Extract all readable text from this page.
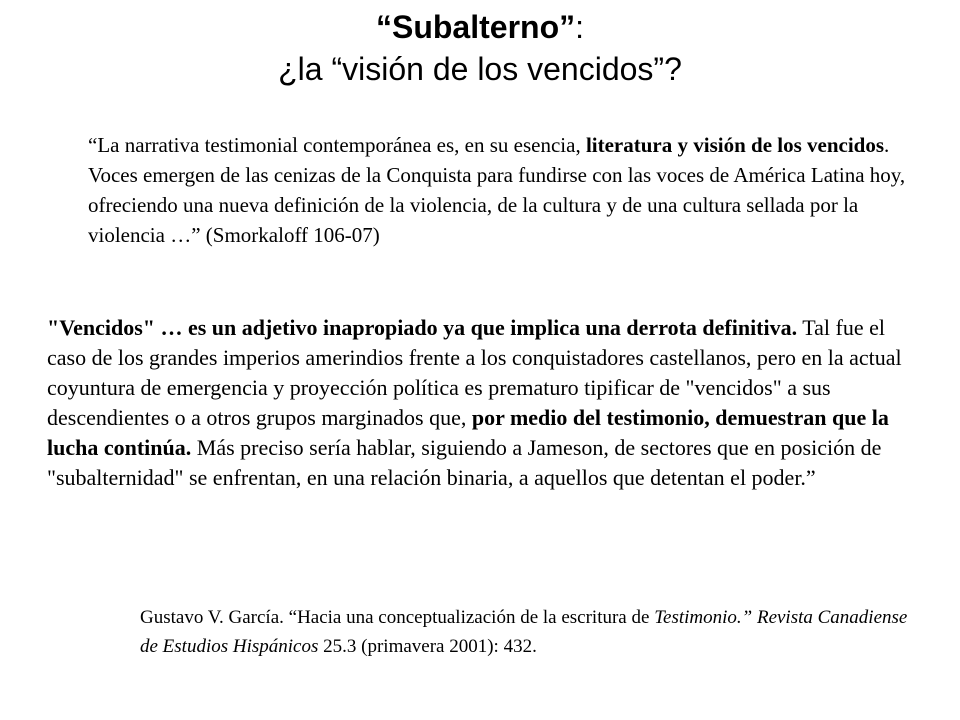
“Subalterno”:
¿la “visión de los vencidos”?
“La narrativa testimonial contemporánea es, en su esencia, literatura y visión de los vencidos. Voces emergen de las cenizas de la Conquista para fundirse con las voces de América Latina hoy, ofreciendo una nueva definición de la violencia, de la cultura y de una cultura sellada por la violencia …” (Smorkaloff 106-07)
"Vencidos" … es un adjetivo inapropiado ya que implica una derrota definitiva. Tal fue el caso de los grandes imperios amerindios frente a los conquistadores castellanos, pero en la actual coyuntura de emergencia y proyección política es prematuro tipificar de "vencidos" a sus descendientes o a otros grupos marginados que, por medio del testimonio, demuestran que la lucha continúa. Más preciso sería hablar, siguiendo a Jameson, de sectores que en posición de "subalternidad" se enfrentan, en una relación binaria, a aquellos que detentan el poder.”
Gustavo V. García. “Hacia una conceptualización de la escritura de Testimonio.” Revista Canadiense de Estudios Hispánicos 25.3 (primavera 2001): 432.
